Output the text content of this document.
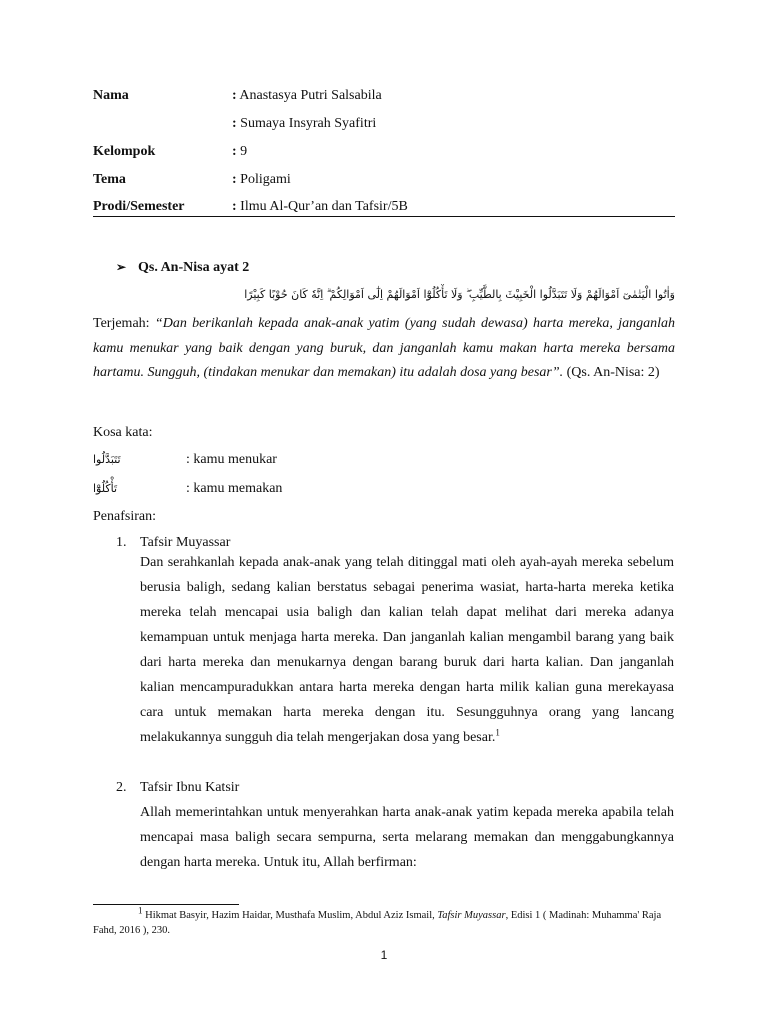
Nama	: Anastasya Putri Salsabila
: Sumaya Insyrah Syafitri
Kelompok	: 9
Tema	: Poligami
Prodi/Semester	: Ilmu Al-Qur’an dan Tafsir/5B
➢ Qs. An-Nisa ayat 2
وَاٰتُوا الْيَتٰمٰىٓ اَمْوَالَهُمْ وَلَا تَتَبَدَّلُوا الْخَبِيْثَ بِالطَّيِّبِ ۖ وَلَا تَأْكُلُوْٓا اَمْوَالَهُمْ اِلٰٓى اَمْوَالِكُمْ ۗ اِنَّهٗ كَانَ حُوْبًا كَبِيْرًا
Terjemah: “Dan berikanlah kepada anak-anak yatim (yang sudah dewasa) harta mereka, janganlah kamu menukar yang baik dengan yang buruk, dan janganlah kamu makan harta mereka bersama hartamu. Sungguh, (tindakan menukar dan memakan) itu adalah dosa yang besar”. (Qs. An-Nisa: 2)
Kosa kata:
تَتَبَدَّلُوا	: kamu menukar
تَأْكُلُوْٓا	: kamu memakan
Penafsiran:
1. Tafsir Muyassar
Dan serahkanlah kepada anak-anak yang telah ditinggal mati oleh ayah-ayah mereka sebelum berusia baligh, sedang kalian berstatus sebagai penerima wasiat, harta-harta mereka ketika mereka telah mencapai usia baligh dan kalian telah dapat melihat dari mereka adanya kemampuan untuk menjaga harta mereka. Dan janganlah kalian mengambil barang yang baik dari harta mereka dan menukarnya dengan barang buruk dari harta kalian. Dan janganlah kalian mencampuradukkan antara harta mereka dengan harta milik kalian guna merekayasa cara untuk memakan harta mereka dengan itu. Sesungguhnya orang yang lancang melakukannya sungguh dia telah mengerjakan dosa yang besar.$^1$
2. Tafsir Ibnu Katsir
Allah memerintahkan untuk menyerahkan harta anak-anak yatim kepada mereka apabila telah mencapai masa baligh secara sempurna, serta melarang memakan dan menggabungkannya dengan harta mereka. Untuk itu, Allah berfirman:
$^1$ Hikmat Basyir, Hazim Haidar, Musthafa Muslim, Abdul Aziz Ismail, Tafsir Muyassar, Edisi 1 ( Madinah: Muhamma' Raja Fahd, 2016 ), 230.
1
